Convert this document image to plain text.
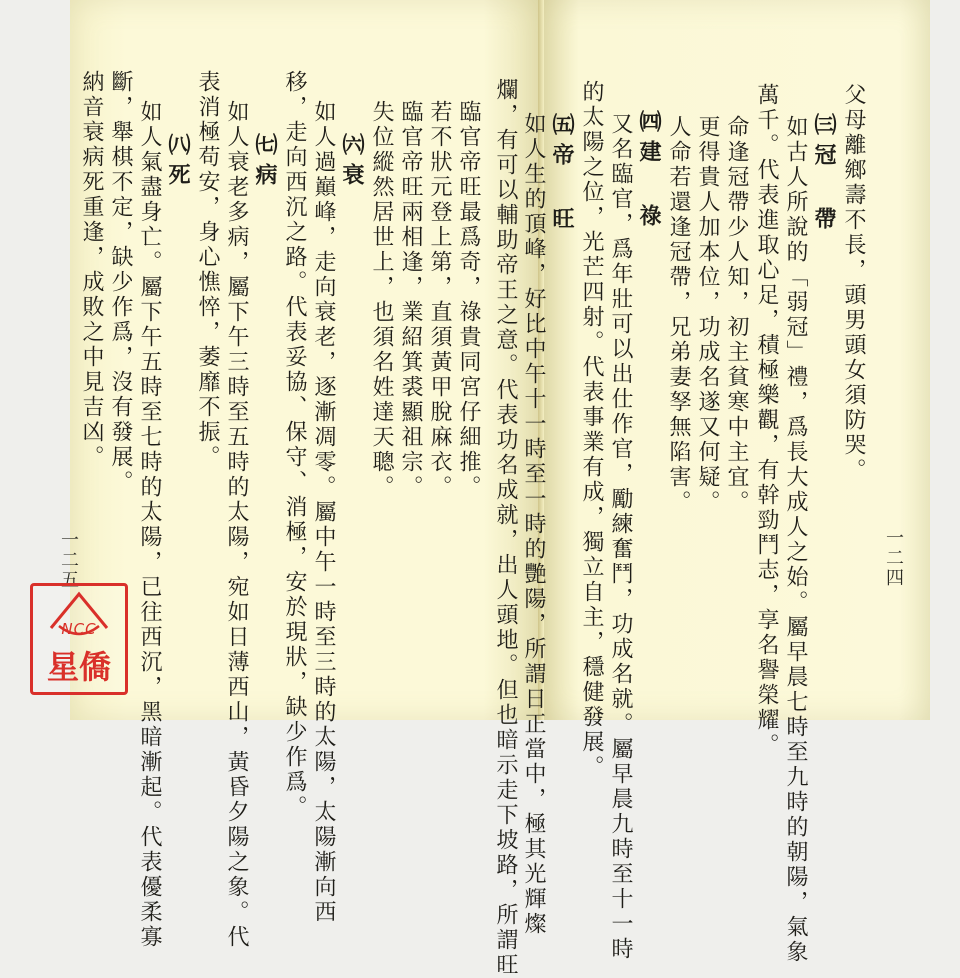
父母離鄉壽不長，頭男頭女須防哭。
㈢冠 帶
如古人所說的「弱冠」禮，爲長大成人之始。屬早晨七時至九時的朝陽，氣象
萬千。代表進取心足，積極樂觀，有幹勁鬥志，享名譽榮耀。
命逢冠帶少人知，初主貧寒中主宜。
更得貴人加本位，功成名遂又何疑。
人命若還逢冠帶，兄弟妻孥無陷害。
㈣建 祿
又名臨官，爲年壯可以出仕作官，勵練奮鬥，功成名就。屬早晨九時至十一時
的太陽之位，光芒四射。代表事業有成，獨立自主，穩健發展。
㈤帝 旺
如人生的頂峰，好比中午十一時至一時的艷陽，所謂日正當中，極其光輝燦
爛，有可以輔助帝王之意。代表功名成就，出人頭地。但也暗示走下坡路，所謂旺	一二四
臨官帝旺最爲奇，祿貴同宮仔細推。
若不狀元登上第，直須黃甲脫麻衣。
臨官帝旺兩相逢，業紹箕裘顯祖宗。
失位縱然居世上，也須名姓達天聰。
㈥衰
如人過巔峰，走向衰老，逐漸凋零。屬中午一時至三時的太陽，太陽漸向西
移，走向西沉之路。代表妥協、保守、消極，安於現狀，缺少作爲。
㈦病
如人衰老多病，屬下午三時至五時的太陽，宛如日薄西山，黃昏夕陽之象。代
表消極苟安，身心憔悴，萎靡不振。
㈧死
如人氣盡身亡。屬下午五時至七時的太陽，已往西沉，黑暗漸起。代表優柔寡
斷，舉棋不定，缺少作爲，沒有發展。
納音衰病死重逢，成敗之中見吉凶。
一二五
NCC
星僑
